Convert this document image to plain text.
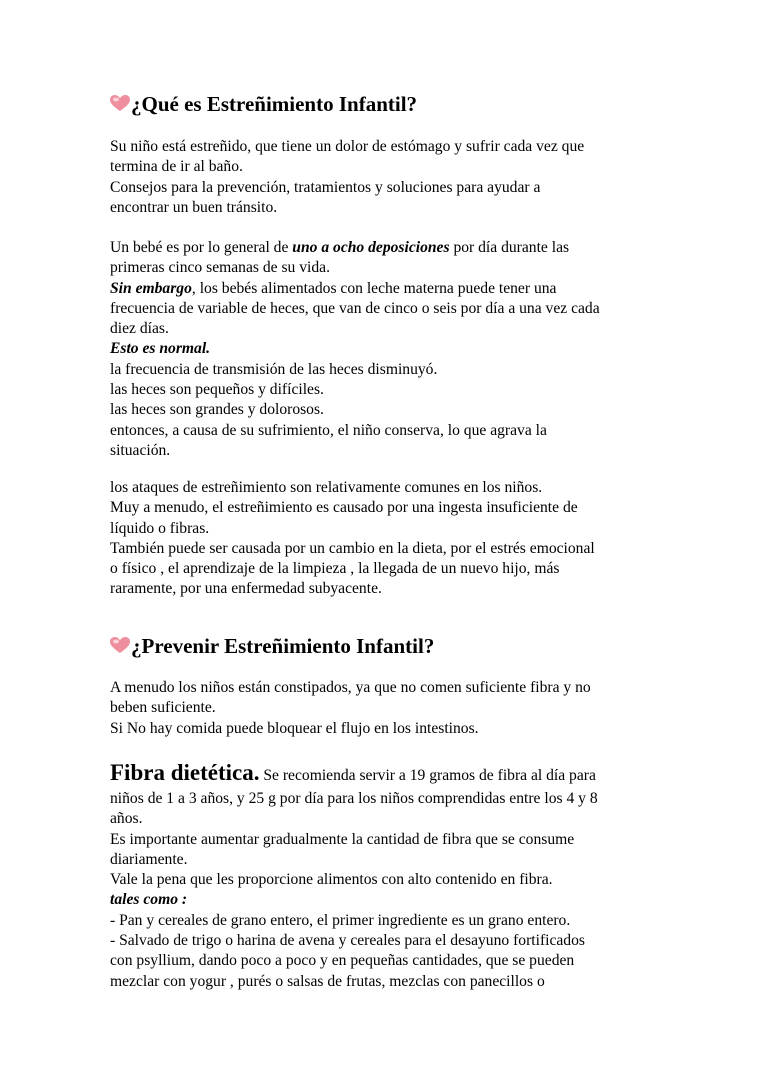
¿Qué es Estreñimiento Infantil?

Su niño está estreñido, que tiene un dolor de estómago y sufrir cada vez que

termina de ir al baño.

Consejos para la prevención, tratamientos y soluciones para ayudar a

encontrar un buen tránsito.

Un bebé es por lo general de uno a ocho deposiciones por día durante las

primeras cinco semanas de su vida.

Sin embargo, los bebés alimentados con leche materna puede tener una

frecuencia de variable de heces, que van de cinco o seis por día a una vez cada

diez días.

Esto es normal.

la frecuencia de transmisión de las heces disminuyó.

las heces son pequeños y difíciles.

las heces son grandes y dolorosos.

entonces, a causa de su sufrimiento, el niño conserva, lo que agrava la

situación.

los ataques de estreñimiento son relativamente comunes en los niños.

Muy a menudo, el estreñimiento es causado por una ingesta insuficiente de

líquido o fibras.

También puede ser causada por un cambio en la dieta, por el estrés emocional

o físico , el aprendizaje de la limpieza , la llegada de un nuevo hijo, más

raramente, por una enfermedad subyacente.

¿Prevenir Estreñimiento Infantil?

A menudo los niños están constipados, ya que no comen suficiente fibra y no

beben suficiente.

Si No hay comida puede bloquear el flujo en los intestinos.

Fibra dietética. Se recomienda servir a 19 gramos de fibra al día para

niños de 1 a 3 años, y 25 g por día para los niños comprendidas entre los 4 y 8

años.

Es importante aumentar gradualmente la cantidad de fibra que se consume

diariamente.

Vale la pena que les proporcione alimentos con alto contenido en fibra.

tales como :

- Pan y cereales de grano entero, el primer ingrediente es un grano entero.

- Salvado de trigo o harina de avena y cereales para el desayuno fortificados

con psyllium, dando poco a poco y en pequeñas cantidades, que se pueden

mezclar con yogur , purés o salsas de frutas, mezclas con panecillos o
